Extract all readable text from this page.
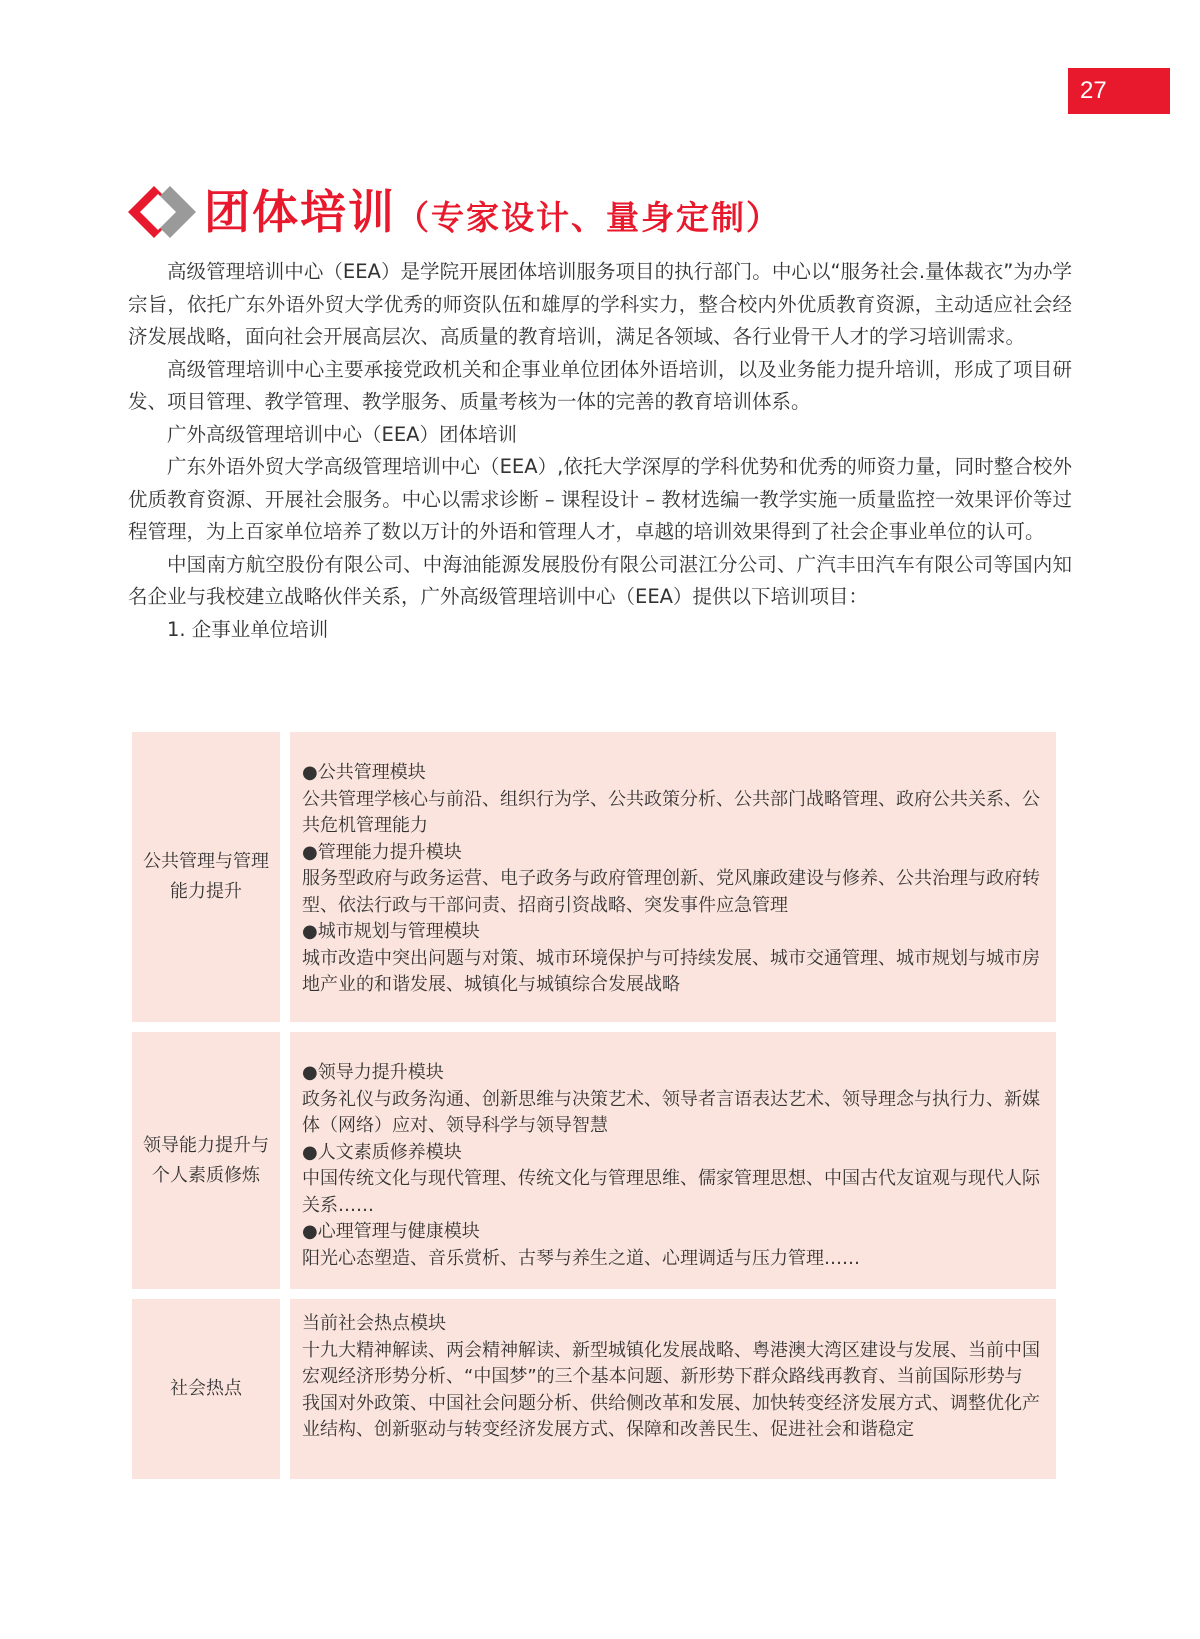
27
团体培训 （专家设计、量身定制）

高级管理培训中心（EEA）是学院开展团体培训服务项目的执行部门。中心以“服务社会.量体裁衣”为办学宗旨，依托广东外语外贸大学优秀的师资队伍和雄厚的学科实力，整合校内外优质教育资源，主动适应社会经济发展战略，面向社会开展高层次、高质量的教育培训，满足各领域、各行业骨干人才的学习培训需求。

高级管理培训中心主要承接党政机关和企事业单位团体外语培训，以及业务能力提升培训，形成了项目研发、项目管理、教学管理、教学服务、质量考核为一体的完善的教育培训体系。

广外高级管理培训中心（EEA）团体培训

广东外语外贸大学高级管理培训中心（EEA）,依托大学深厚的学科优势和优秀的师资力量，同时整合校外优质教育资源、开展社会服务。中心以需求诊断 – 课程设计 – 教材选编一教学实施一质量监控一效果评价等过程管理，为上百家单位培养了数以万计的外语和管理人才，卓越的培训效果得到了社会企事业单位的认可。

中国南方航空股份有限公司、中海油能源发展股份有限公司湛江分公司、广汽丰田汽车有限公司等国内知名企业与我校建立战略伙伴关系，广外高级管理培训中心（EEA）提供以下培训项目：

1. 企事业单位培训

公共管理与管理能力提升
●公共管理模块
公共管理学核心与前沿、组织行为学、公共政策分析、公共部门战略管理、政府公共关系、公共危机管理能力
●管理能力提升模块
服务型政府与政务运营、电子政务与政府管理创新、党风廉政建设与修养、公共治理与政府转型、依法行政与干部问责、招商引资战略、突发事件应急管理
●城市规划与管理模块
城市改造中突出问题与对策、城市环境保护与可持续发展、城市交通管理、城市规划与城市房地产业的和谐发展、城镇化与城镇综合发展战略
领导能力提升与个人素质修炼
●领导力提升模块
政务礼仪与政务沟通、创新思维与决策艺术、领导者言语表达艺术、领导理念与执行力、新媒体（网络）应对、领导科学与领导智慧
●人文素质修养模块
中国传统文化与现代管理、传统文化与管理思维、儒家管理思想、中国古代友谊观与现代人际关系……
●心理管理与健康模块
阳光心态塑造、音乐赏析、古琴与养生之道、心理调适与压力管理……
社会热点
当前社会热点模块
十九大精神解读、两会精神解读、新型城镇化发展战略、粤港澳大湾区建设与发展、当前中国宏观经济形势分析、“中国梦”的三个基本问题、新形势下群众路线再教育、当前国际形势与我国对外政策、中国社会问题分析、供给侧改革和发展、加快转变经济发展方式、调整优化产业结构、创新驱动与转变经济发展方式、保障和改善民生、促进社会和谐稳定
